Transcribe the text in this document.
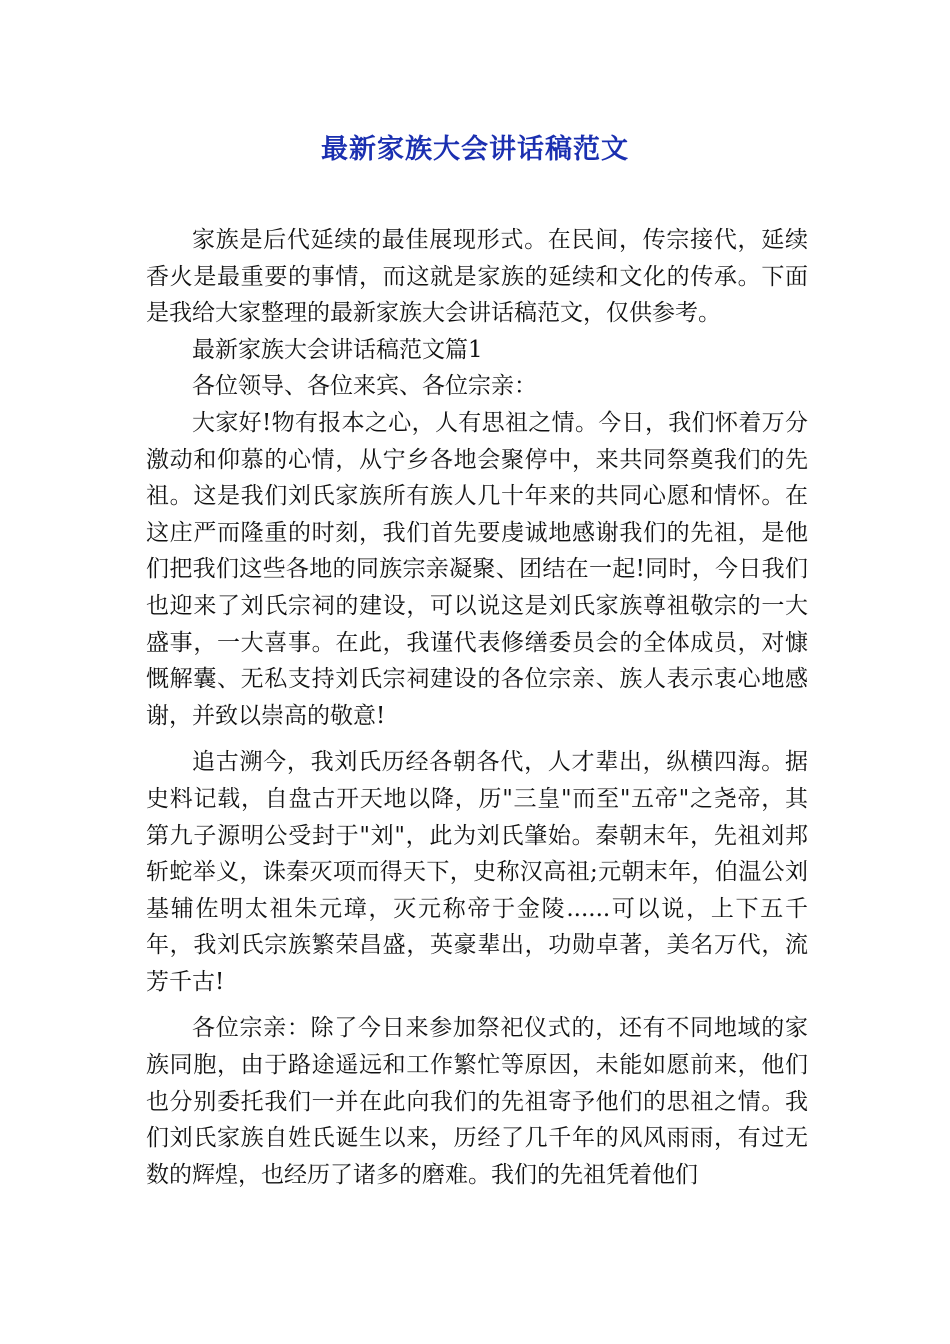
最新家族大会讲话稿范文

家族是后代延续的最佳展现形式。在民间，传宗接代，延续香火是最重要的事情，而这就是家族的延续和文化的传承。下面是我给大家整理的最新家族大会讲话稿范文，仅供参考。

最新家族大会讲话稿范文篇1

各位领导、各位来宾、各位宗亲：

大家好!物有报本之心，人有思祖之情。今日，我们怀着万分激动和仰慕的心情，从宁乡各地会聚停中，来共同祭奠我们的先祖。这是我们刘氏家族所有族人几十年来的共同心愿和情怀。在这庄严而隆重的时刻，我们首先要虔诚地感谢我们的先祖，是他们把我们这些各地的同族宗亲凝聚、团结在一起!同时，今日我们也迎来了刘氏宗祠的建设，可以说这是刘氏家族尊祖敬宗的一大盛事，一大喜事。在此，我谨代表修缮委员会的全体成员，对慷慨解囊、无私支持刘氏宗祠建设的各位宗亲、族人表示衷心地感谢，并致以崇高的敬意!

追古溯今，我刘氏历经各朝各代，人才辈出，纵横四海。据史料记载，自盘古开天地以降，历"三皇"而至"五帝"之尧帝，其第九子源明公受封于"刘"，此为刘氏肇始。秦朝末年，先祖刘邦斩蛇举义，诛秦灭项而得天下，史称汉高祖;元朝末年，伯温公刘基辅佐明太祖朱元璋，灭元称帝于金陵......可以说，上下五千年，我刘氏宗族繁荣昌盛，英豪辈出，功勋卓著，美名万代，流芳千古!

各位宗亲：除了今日来参加祭祀仪式的，还有不同地域的家族同胞，由于路途遥远和工作繁忙等原因，未能如愿前来，他们也分别委托我们一并在此向我们的先祖寄予他们的思祖之情。我们刘氏家族自姓氏诞生以来，历经了几千年的风风雨雨，有过无数的辉煌，也经历了诸多的磨难。我们的先祖凭着他们
